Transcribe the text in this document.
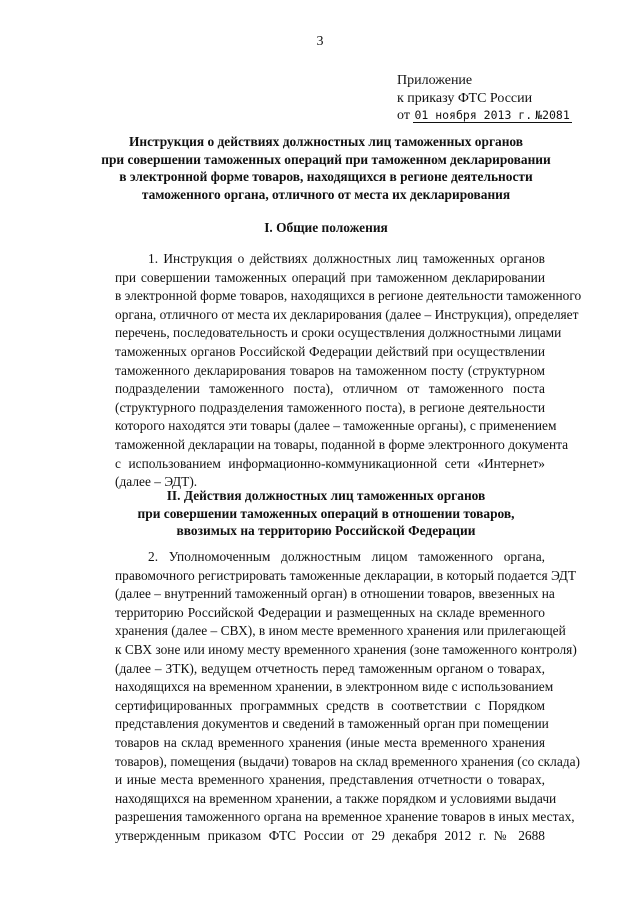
3
Приложение
к приказу ФТС России
от 01 ноября 2013 г. №2081
Инструкция о действиях должностных лиц таможенных органов
при совершении таможенных операций при таможенном декларировании
в электронной форме товаров, находящихся в регионе деятельности
таможенного органа, отличного от места их декларирования
I. Общие положения
1. Инструкция о действиях должностных лиц таможенных органов
при совершении таможенных операций при таможенном декларировании
в электронной форме товаров, находящихся в регионе деятельности таможенного
органа, отличного от места их декларирования (далее – Инструкция), определяет
перечень, последовательность и сроки осуществления должностными лицами
таможенных органов Российской Федерации действий при осуществлении
таможенного декларирования товаров на таможенном посту (структурном
подразделении таможенного поста), отличном от таможенного поста
(структурного подразделения таможенного поста), в регионе деятельности
которого находятся эти товары (далее – таможенные органы), с применением
таможенной декларации на товары, поданной в форме электронного документа
с использованием информационно-коммуникационной сети «Интернет»
(далее – ЭДТ).
II. Действия должностных лиц таможенных органов
при совершении таможенных операций в отношении товаров,
ввозимых на территорию Российской Федерации
2. Уполномоченным должностным лицом таможенного органа,
правомочного регистрировать таможенные декларации, в который подается ЭДТ
(далее – внутренний таможенный орган) в отношении товаров, ввезенных на
территорию Российской Федерации и размещенных на складе временного
хранения (далее – СВХ), в ином месте временного хранения или прилегающей
к СВХ зоне или иному месту временного хранения (зоне таможенного контроля)
(далее – ЗТК), ведущем отчетность перед таможенным органом о товарах,
находящихся на временном хранении, в электронном виде с использованием
сертифицированных программных средств в соответствии с Порядком
представления документов и сведений в таможенный орган при помещении
товаров на склад временного хранения (иные места временного хранения
товаров), помещения (выдачи) товаров на склад временного хранения (со склада)
и иные места временного хранения, представления отчетности о товарах,
находящихся на временном хранении, а также порядком и условиями выдачи
разрешения таможенного органа на временное хранение товаров в иных местах,
утвержденным приказом ФТС России от 29 декабря 2012 г. № 2688
